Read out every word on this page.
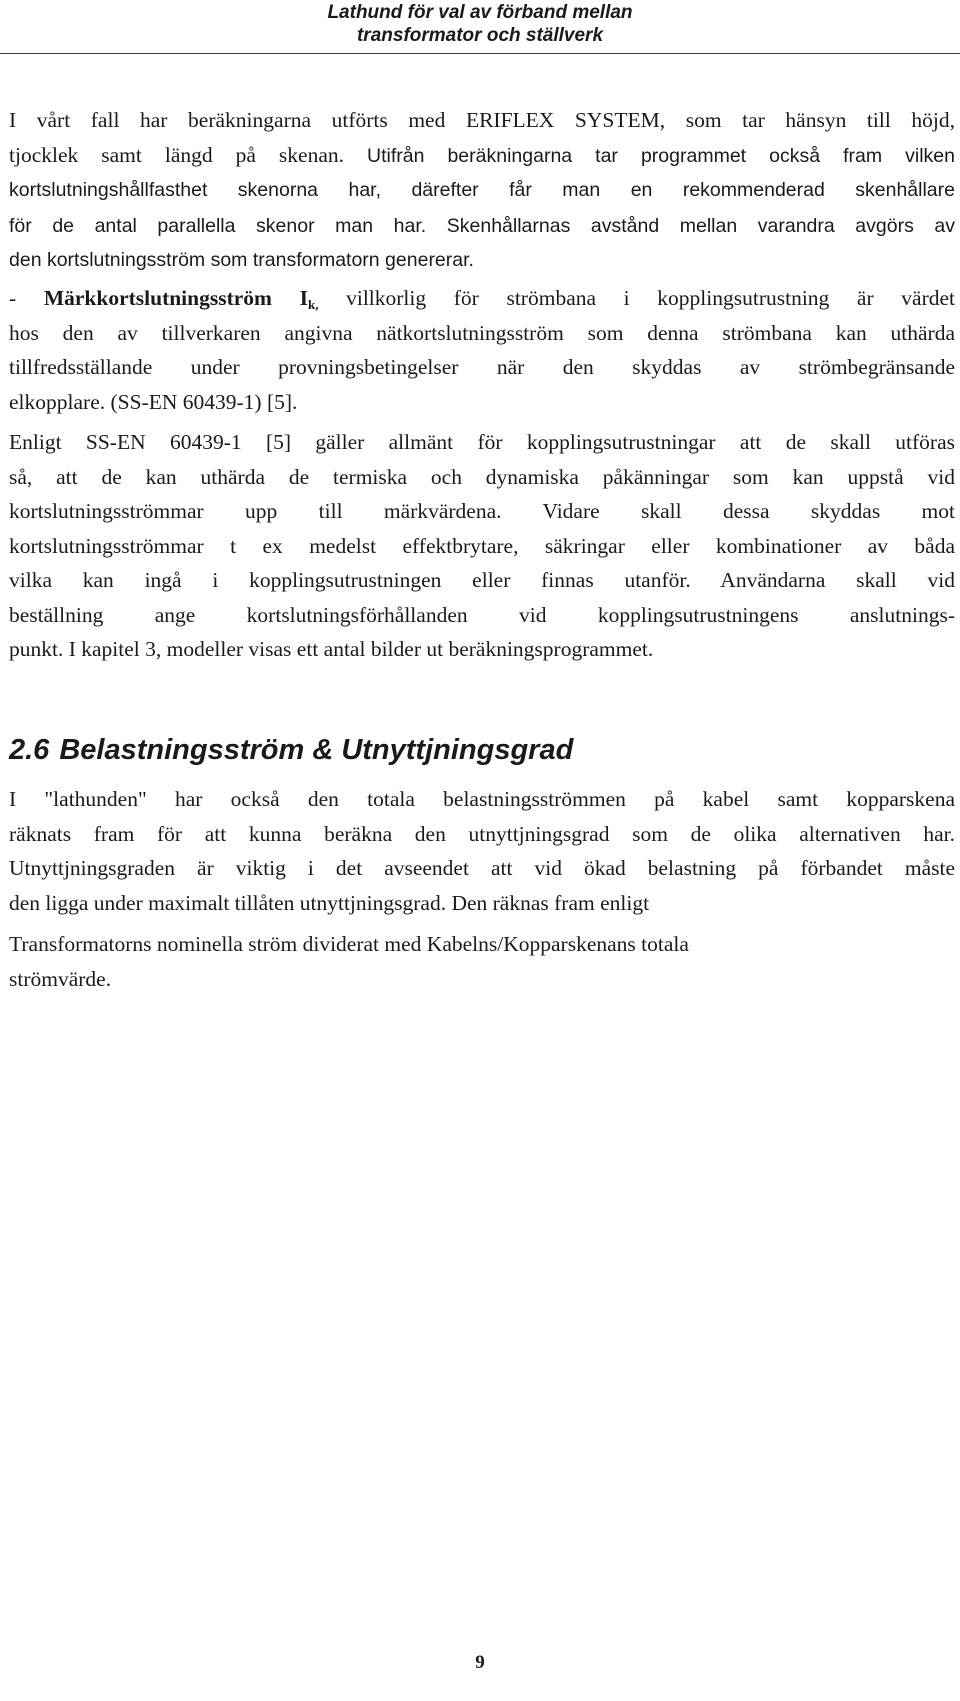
Lathund för val av förband mellan
transformator och ställverk
I vårt fall har beräkningarna utförts med ERIFLEX SYSTEM, som tar hänsyn till höjd,
tjocklek samt längd på skenan. Utifrån beräkningarna tar programmet också fram vilken
kortslutningshållfasthet skenorna har, därefter får man en rekommenderad skenhållare
för de antal parallella skenor man har. Skenhållarnas avstånd mellan varandra avgörs av
den kortslutningsström som transformatorn genererar.
- Märkkortslutningsström $I_{k,}$ villkorlig för strömbana i kopplingsutrustning är värdet
hos den av tillverkaren angivna nätkortslutningsström som denna strömbana kan uthärda
tillfredsställande under provningsbetingelser när den skyddas av strömbegränsande
elkopplare. (SS-EN 60439-1) [5].
Enligt SS-EN 60439-1 [5] gäller allmänt för kopplingsutrustningar att de skall utföras
så, att de kan uthärda de termiska och dynamiska påkänningar som kan uppstå vid
kortslutningsströmmar upp till märkvärdena. Vidare skall dessa skyddas mot
kortslutningsströmmar t ex medelst effektbrytare, säkringar eller kombinationer av båda
vilka kan ingå i kopplingsutrustningen eller finnas utanför. Användarna skall vid
beställning ange kortslutningsförhållanden vid kopplingsutrustningens anslutnings-
punkt. I kapitel 3, modeller visas ett antal bilder ut beräkningsprogrammet.
2.6 Belastningsström & Utnyttjningsgrad
I "lathunden" har också den totala belastningsströmmen på kabel samt kopparskena
räknats fram för att kunna beräkna den utnyttjningsgrad som de olika alternativen har.
Utnyttjningsgraden är viktig i det avseendet att vid ökad belastning på förbandet måste
den ligga under maximalt tillåten utnyttjningsgrad. Den räknas fram enligt
Transformatorns nominella ström dividerat med Kabelns/Kopparskenans totala
strömvärde.
9
